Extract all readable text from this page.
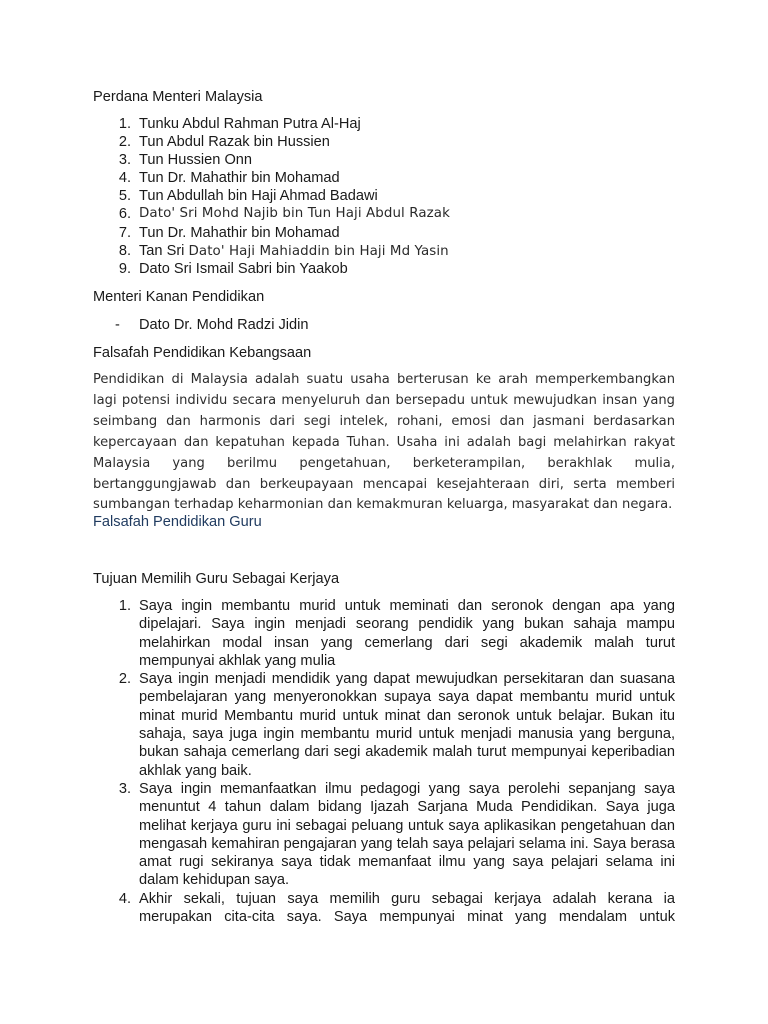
Perdana Menteri Malaysia
1. Tunku Abdul Rahman Putra Al-Haj
2. Tun Abdul Razak bin Hussien
3. Tun Hussien Onn
4. Tun Dr. Mahathir bin Mohamad
5. Tun Abdullah bin Haji Ahmad Badawi
6. Dato' Sri Mohd Najib bin Tun Haji Abdul Razak
7. Tun Dr. Mahathir bin Mohamad
8. Tan Sri Dato' Haji Mahiaddin bin Haji Md Yasin
9. Dato Sri Ismail Sabri bin Yaakob
Menteri Kanan Pendidikan
-	Dato Dr. Mohd Radzi Jidin
Falsafah Pendidikan Kebangsaan

Pendidikan di Malaysia adalah suatu usaha berterusan ke arah memperkembangkan lagi potensi individu secara menyeluruh dan bersepadu untuk mewujudkan insan yang seimbang dan harmonis dari segi intelek, rohani, emosi dan jasmani berdasarkan kepercayaan dan kepatuhan kepada Tuhan. Usaha ini adalah bagi melahirkan rakyat Malaysia yang berilmu pengetahuan, berketerampilan, berakhlak mulia, bertanggungjawab dan berkeupayaan mencapai kesejahteraan diri, serta memberi sumbangan terhadap keharmonian dan kemakmuran keluarga, masyarakat dan negara.

Falsafah Pendidikan Guru
Tujuan Memilih Guru Sebagai Kerjaya
1. Saya ingin membantu murid untuk meminati dan seronok dengan apa yang dipelajari. Saya ingin menjadi seorang pendidik yang bukan sahaja mampu melahirkan modal insan yang cemerlang dari segi akademik malah turut mempunyai akhlak yang mulia
2. Saya ingin menjadi mendidik yang dapat mewujudkan persekitaran dan suasana pembelajaran yang menyeronokkan supaya saya dapat membantu murid untuk minat murid Membantu murid untuk minat dan seronok untuk belajar. Bukan itu sahaja, saya juga ingin membantu murid untuk menjadi manusia yang berguna, bukan sahaja cemerlang dari segi akademik malah turut mempunyai keperibadian akhlak yang baik.
3. Saya ingin memanfaatkan ilmu pedagogi yang saya perolehi sepanjang saya menuntut 4 tahun dalam bidang Ijazah Sarjana Muda Pendidikan. Saya juga melihat kerjaya guru ini sebagai peluang untuk saya aplikasikan pengetahuan dan mengasah kemahiran pengajaran yang telah saya pelajari selama ini. Saya berasa amat rugi sekiranya saya tidak memanfaat ilmu yang saya pelajari selama ini dalam kehidupan saya.
4. Akhir sekali, tujuan saya memilih guru sebagai kerjaya adalah kerana ia merupakan cita-cita saya. Saya mempunyai minat yang mendalam untuk
